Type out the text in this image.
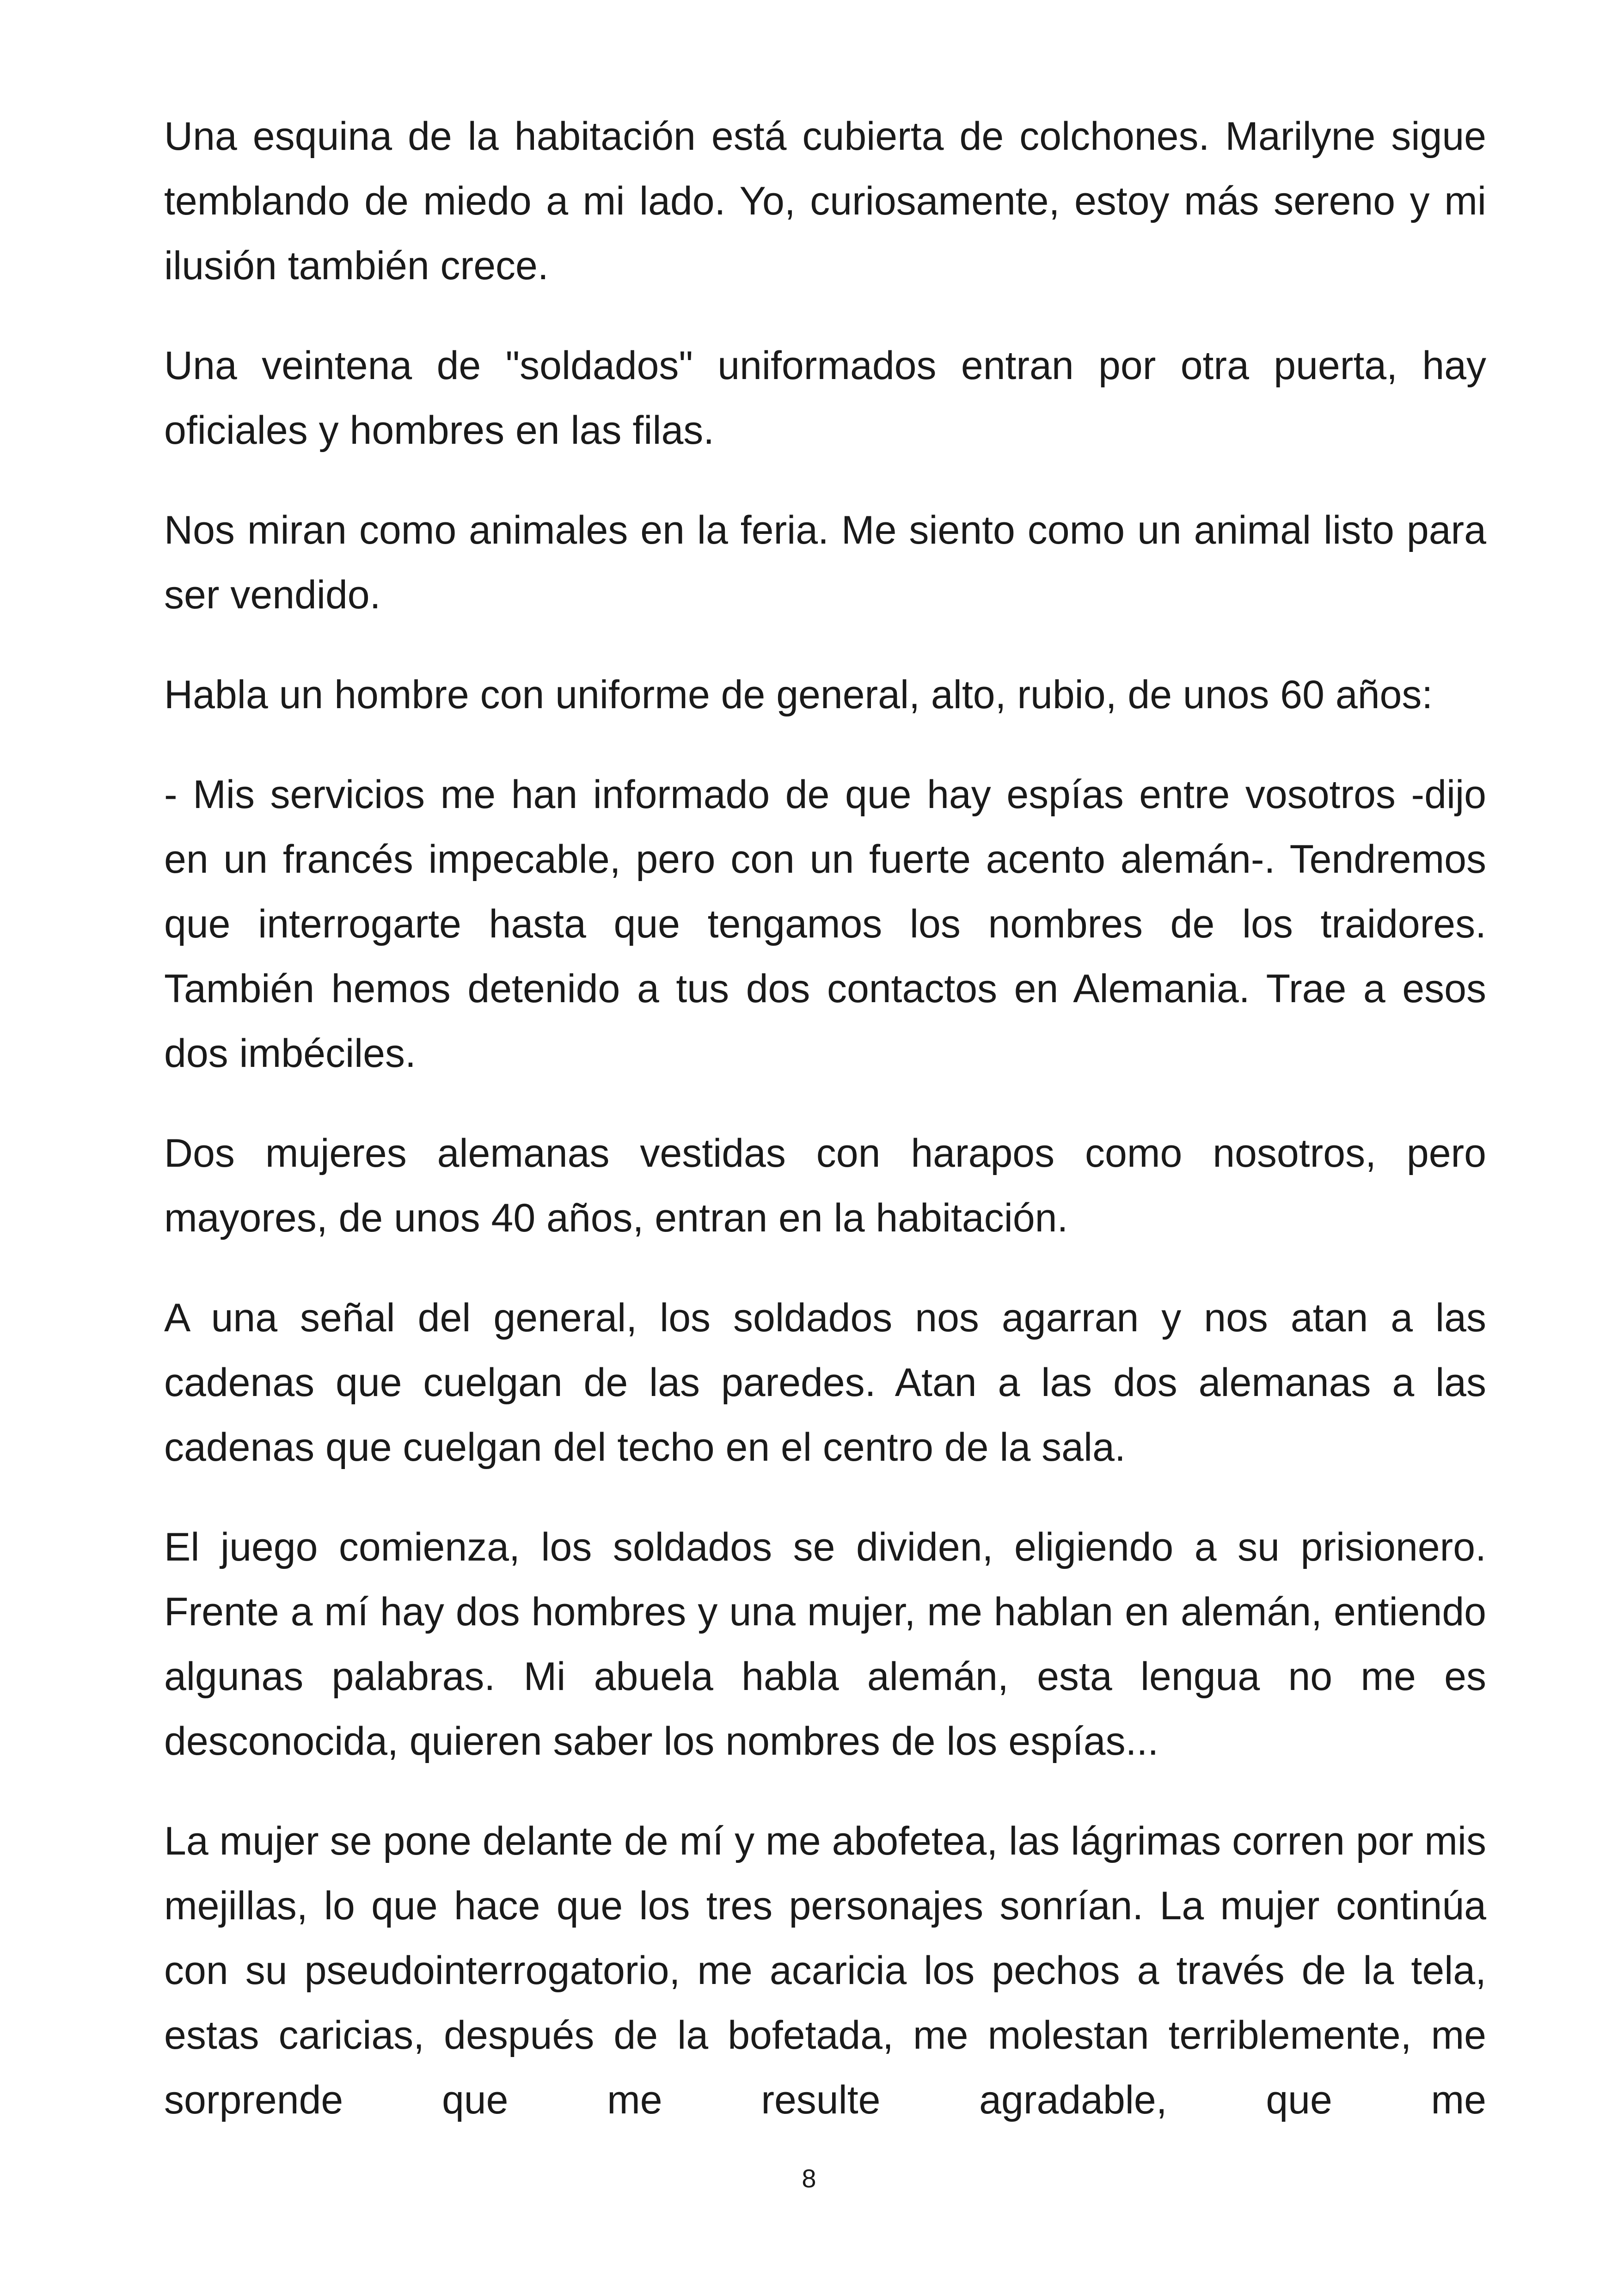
Una esquina de la habitación está cubierta de colchones. Marilyne sigue temblando de miedo a mi lado. Yo, curiosamente, estoy más sereno y mi ilusión también crece.

Una veintena de "soldados" uniformados entran por otra puerta, hay oficiales y hombres en las filas.

Nos miran como animales en la feria. Me siento como un animal listo para ser vendido.

Habla un hombre con uniforme de general, alto, rubio, de unos 60 años:

- Mis servicios me han informado de que hay espías entre vosotros -dijo en un francés impecable, pero con un fuerte acento alemán-. Tendremos que interrogarte hasta que tengamos los nombres de los traidores. También hemos detenido a tus dos contactos en Alemania. Trae a esos dos imbéciles.

Dos mujeres alemanas vestidas con harapos como nosotros, pero mayores, de unos 40 años, entran en la habitación.

A una señal del general, los soldados nos agarran y nos atan a las cadenas que cuelgan de las paredes. Atan a las dos alemanas a las cadenas que cuelgan del techo en el centro de la sala.

El juego comienza, los soldados se dividen, eligiendo a su prisionero. Frente a mí hay dos hombres y una mujer, me hablan en alemán, entiendo algunas palabras. Mi abuela habla alemán, esta lengua no me es desconocida, quieren saber los nombres de los espías...

La mujer se pone delante de mí y me abofetea, las lágrimas corren por mis mejillas, lo que hace que los tres personajes sonrían. La mujer continúa con su pseudointerrogatorio, me acaricia los pechos a través de la tela, estas caricias, después de la bofetada, me molestan terriblemente, me sorprende que me resulte agradable, que me

8
